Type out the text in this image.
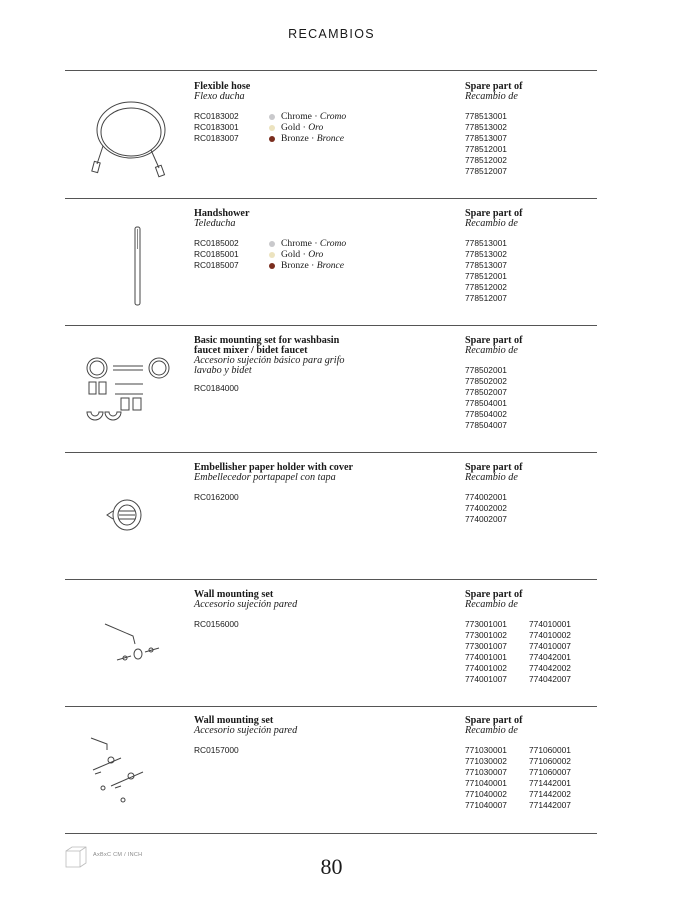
RECAMBIOS
Flexible hose
Flexo ducha
RC0183002
RC0183001
RC0183007
Chrome · Cromo
Gold · Oro
Bronze · Bronce
Spare part of
Recambio de
778513001
778513002
778513007
778512001
778512002
778512007
Handshower
Teleducha
RC0185002
RC0185001
RC0185007
Chrome · Cromo
Gold · Oro
Bronze · Bronce
Spare part of
Recambio de
778513001
778513002
778513007
778512001
778512002
778512007
Basic mounting set for washbasin
faucet mixer / bidet faucet
Accesorio sujeción básico para grifo
lavabo y bidet
RC0184000
Spare part of
Recambio de
778502001
778502002
778502007
778504001
778504002
778504007
Embellisher paper holder with cover
Embellecedor portapapel con tapa
RC0162000
Spare part of
Recambio de
774002001
774002002
774002007
Wall mounting set
Accesorio sujeción pared
RC0156000
Spare part of
Recambio de
773001001
773001002
773001007
774001001
774001002
774001007
774010001
774010002
774010007
774042001
774042002
774042007
Wall mounting set
Accesorio sujeción pared
RC0157000
Spare part of
Recambio de
771030001
771030002
771030007
771040001
771040002
771040007
771060001
771060002
771060007
771442001
771442002
771442007
AxBxC CM / INCH	80
